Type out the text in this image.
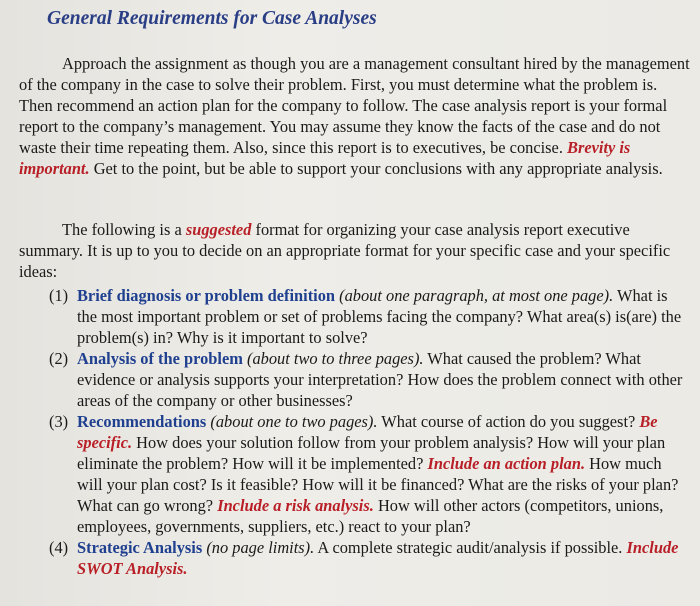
General Requirements for Case Analyses

Approach the assignment as though you are a management consultant hired by the management of the company in the case to solve their problem. First, you must determine what the problem is. Then recommend an action plan for the company to follow. The case analysis report is your formal report to the company’s management. You may assume they know the facts of the case and do not waste their time repeating them. Also, since this report is to executives, be concise. Brevity is important. Get to the point, but be able to support your conclusions with any appropriate analysis.

The following is a suggested format for organizing your case analysis report executive summary. It is up to you to decide on an appropriate format for your specific case and your specific ideas:

(1) Brief diagnosis or problem definition (about one paragraph, at most one page). What is the most important problem or set of problems facing the company? What area(s) is(are) the problem(s) in? Why is it important to solve?
(2) Analysis of the problem (about two to three pages). What caused the problem? What evidence or analysis supports your interpretation? How does the problem connect with other areas of the company or other businesses?
(3) Recommendations (about one to two pages). What course of action do you suggest? Be specific. How does your solution follow from your problem analysis? How will your plan eliminate the problem? How will it be implemented? Include an action plan. How much will your plan cost? Is it feasible? How will it be financed? What are the risks of your plan? What can go wrong? Include a risk analysis. How will other actors (competitors, unions, employees, governments, suppliers, etc.) react to your plan?
(4) Strategic Analysis (no page limits). A complete strategic audit/analysis if possible. Include SWOT Analysis.
